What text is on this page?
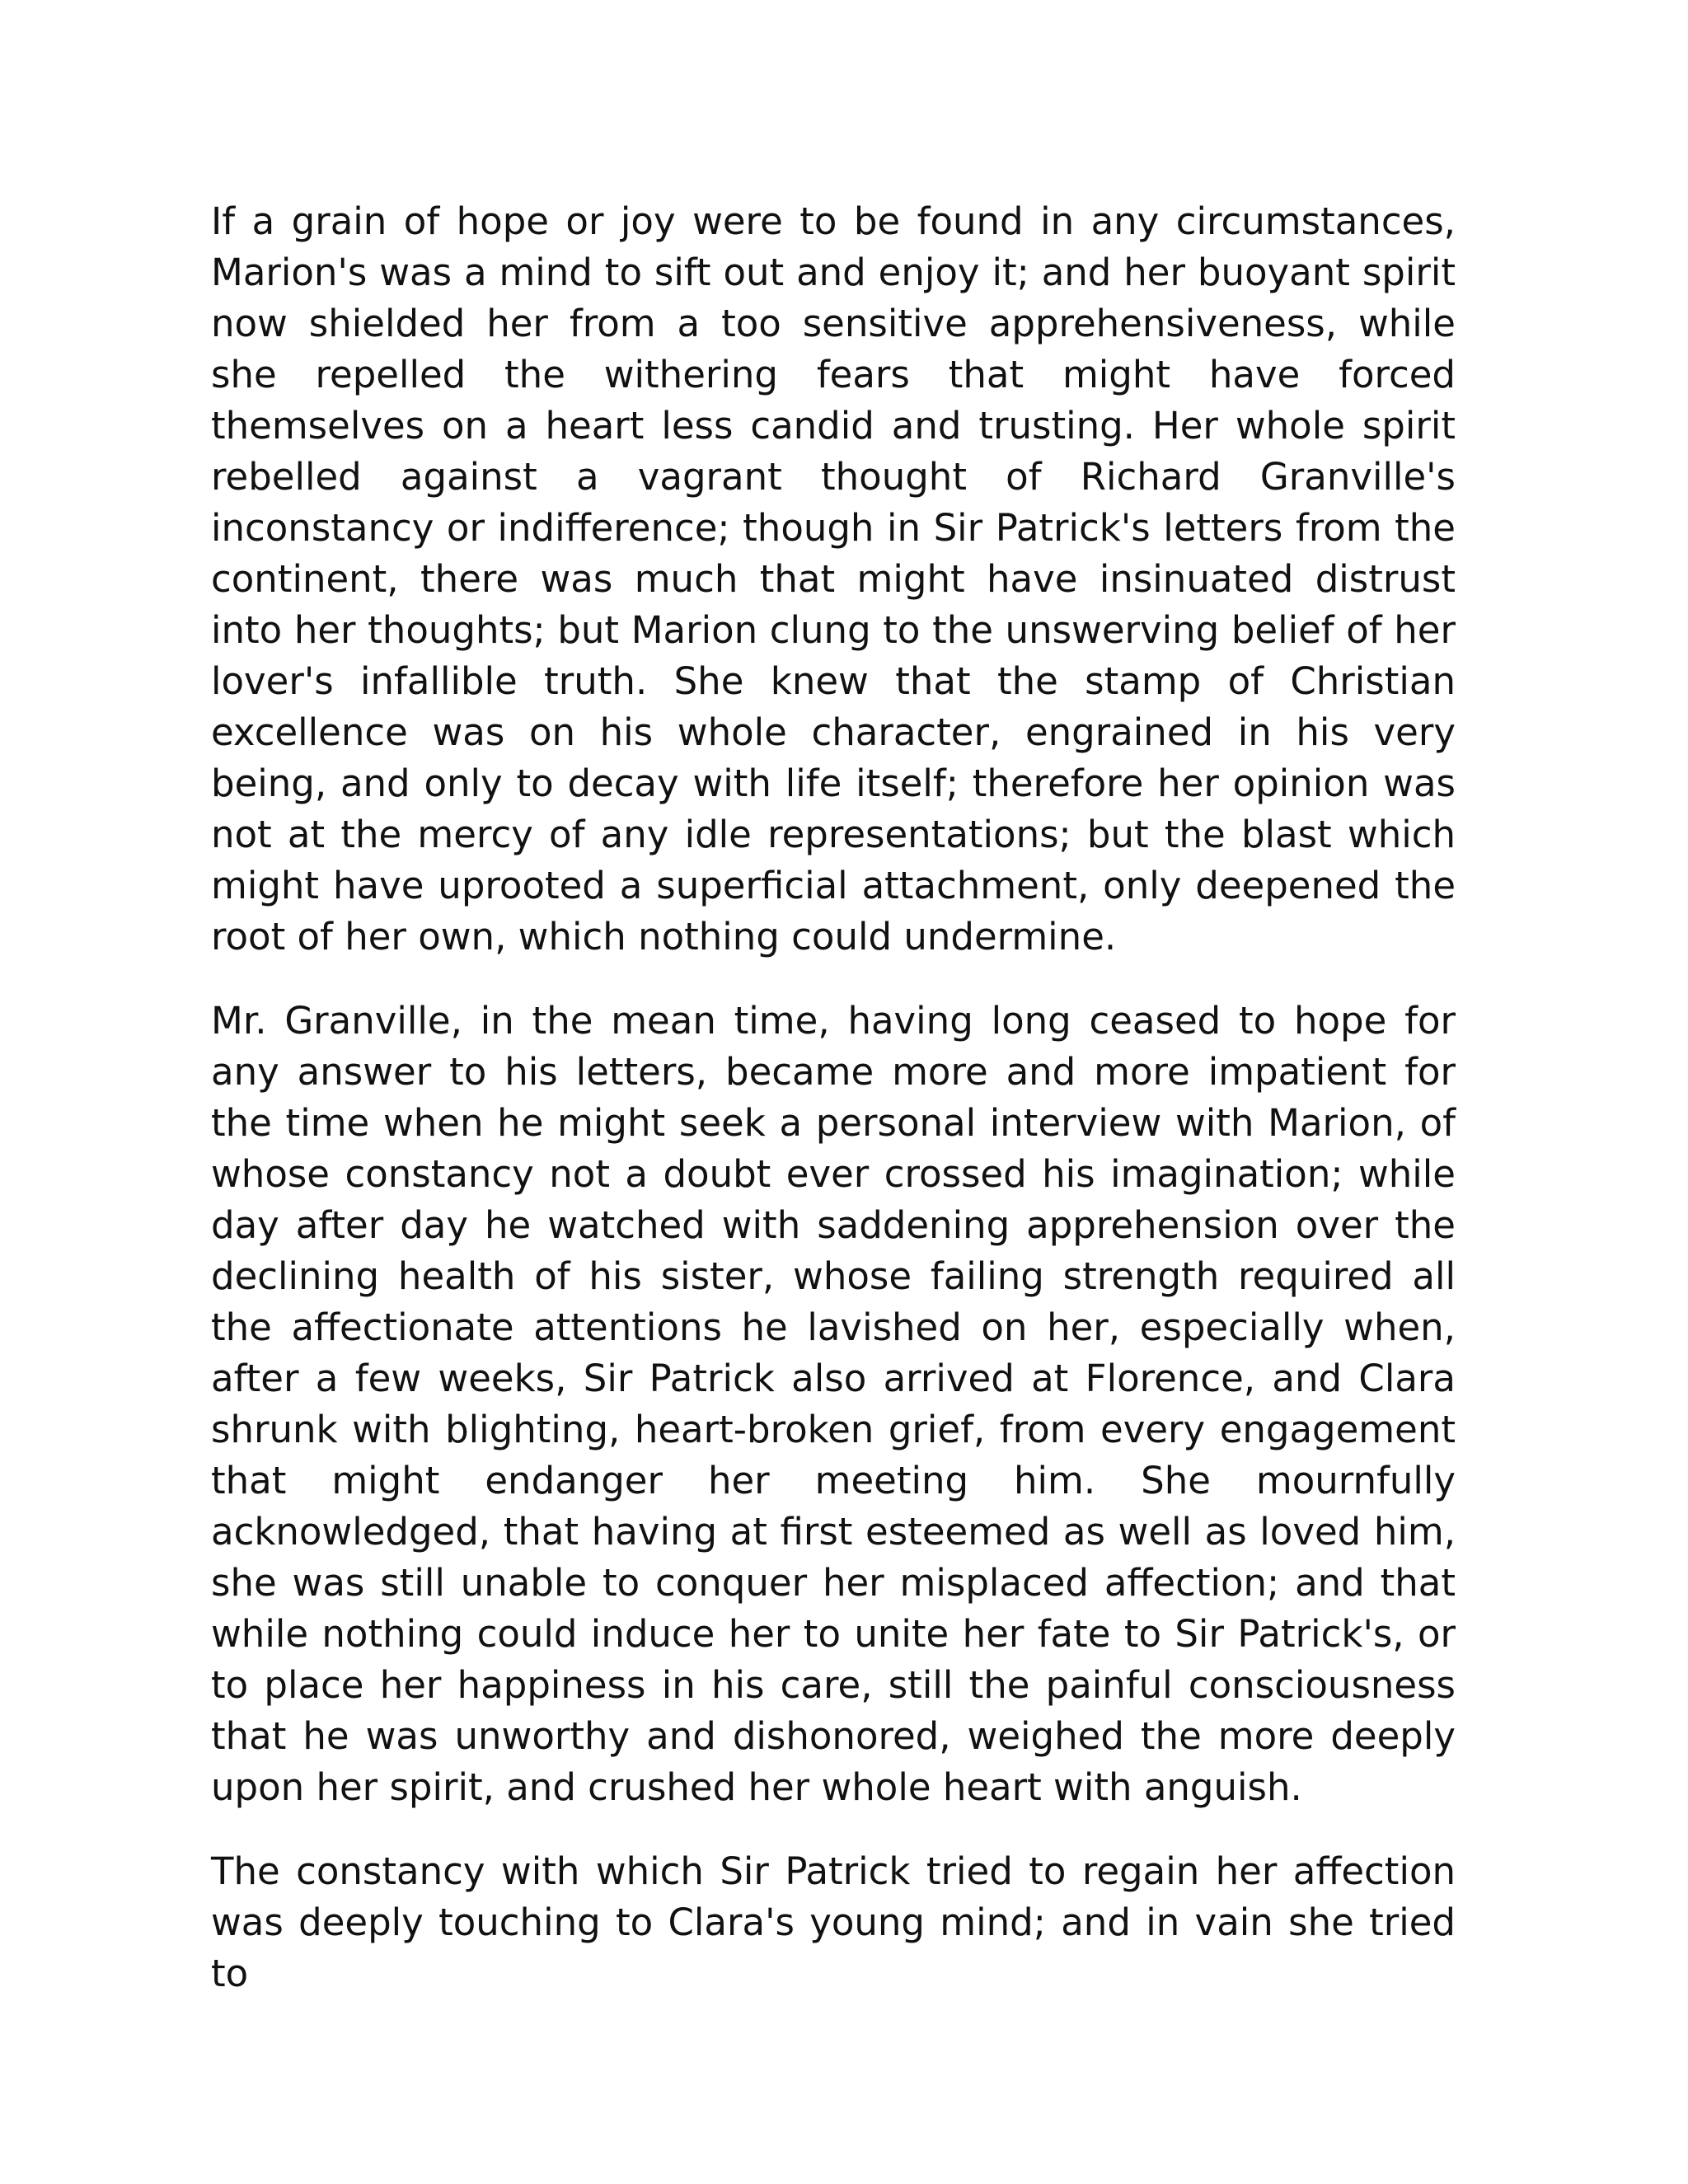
If a grain of hope or joy were to be found in any circumstances, Marion's was a mind to sift out and enjoy it; and her buoyant spirit now shielded her from a too sensitive apprehensiveness, while she repelled the withering fears that might have forced themselves on a heart less candid and trusting. Her whole spirit rebelled against a vagrant thought of Richard Granville's inconstancy or indifference; though in Sir Patrick's letters from the continent, there was much that might have insinuated distrust into her thoughts; but Marion clung to the unswerving belief of her lover's infallible truth. She knew that the stamp of Christian excellence was on his whole character, engrained in his very being, and only to decay with life itself; therefore her opinion was not at the mercy of any idle representations; but the blast which might have uprooted a superficial attachment, only deepened the root of her own, which nothing could undermine.

Mr. Granville, in the mean time, having long ceased to hope for any answer to his letters, became more and more impatient for the time when he might seek a personal interview with Marion, of whose constancy not a doubt ever crossed his imagination; while day after day he watched with saddening apprehension over the declining health of his sister, whose failing strength required all the affectionate attentions he lavished on her, especially when, after a few weeks, Sir Patrick also arrived at Florence, and Clara shrunk with blighting, heart-broken grief, from every engagement that might endanger her meeting him. She mournfully acknowledged, that having at first esteemed as well as loved him, she was still unable to conquer her misplaced affection; and that while nothing could induce her to unite her fate to Sir Patrick's, or to place her happiness in his care, still the painful consciousness that he was unworthy and dishonored, weighed the more deeply upon her spirit, and crushed her whole heart with anguish.

The constancy with which Sir Patrick tried to regain her affection was deeply touching to Clara's young mind; and in vain she tried to
